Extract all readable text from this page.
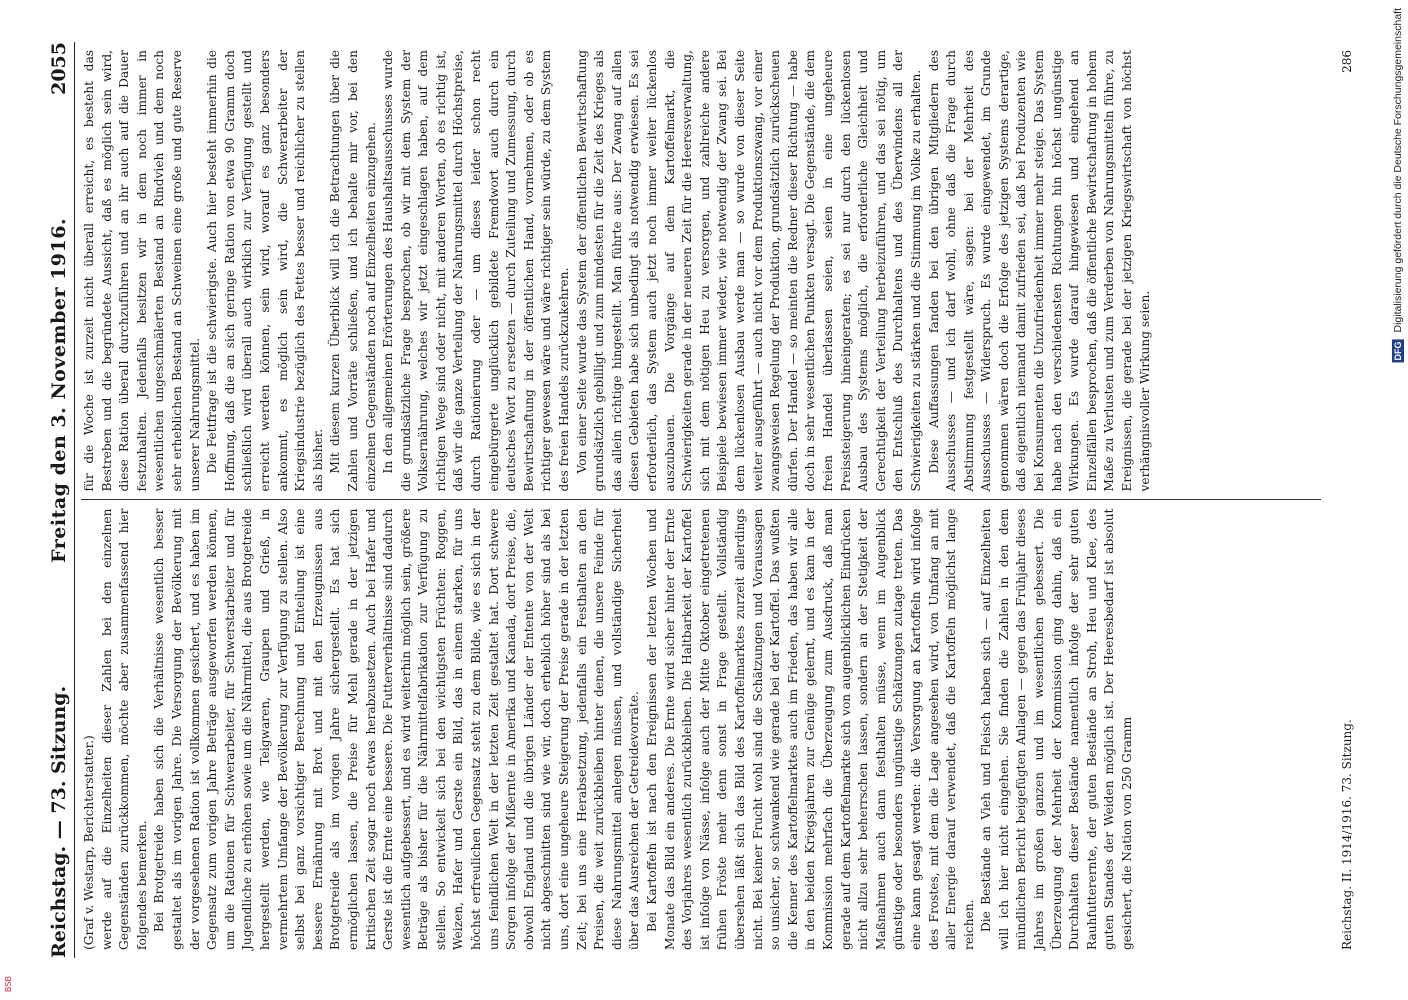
Reichstag. — 73. Sitzung.
Freitag den 3. November 1916.
2055

(Graf v. Westarp, Berichterstatter.) werde auf die Einzelheiten dieser Zahlen bei den einzelnen Gegenständen zurückkommen, möchte aber zusammenfassend hier folgendes bemerken. Bei Brotgetreide haben sich die Verhältnisse wesentlich besser gestaltet als im vorigen Jahre. Die Versorgung der Bevölkerung mit der vorgesehenen Ration ist vollkommen gesichert, und es haben im Gegensatz zum vorigen Jahre Beträge ausgeworfen werden können, um die Rationen für Schwerarbeiter, für Schwerstarbeiter und für Jugendliche zu erhöhen sowie um die Nährmittel, die aus Brotgetreide hergestellt werden, wie Teigwaren, Graupen und Grieß, in vermehrtem Umfange der Bevölkerung zur Verfügung zu stellen. Also selbst bei ganz vorsichtiger Berechnung und Einteilung ist eine bessere Ernährung mit Brot und mit den Erzeugnissen aus Brotgetreide als im vorigen Jahre sichergestellt. Es hat sich ermöglichen lassen, die Preise für Mehl gerade in der jetzigen kritischen Zeit sogar noch etwas herabzusetzen. Auch bei Hafer und Gerste ist die Ernte eine bessere. Die Futterverhältnisse sind dadurch wesentlich aufgebessert, und es wird weiterhin möglich sein, größere Beträge als bisher für die Nährmittelfabrikation zur Verfügung zu stellen. So entwickelt sich bei den wichtigsten Früchten: Roggen, Weizen, Hafer und Gerste ein Bild, das in einem starken, für uns höchst erfreulichen Gegensatz steht zu dem Bilde, wie es sich in der uns feindlichen Welt in der letzten Zeit gestaltet hat. Dort schwere Sorgen infolge der Mißernte in Amerika und Kanada, dort Preise, die, obwohl England und die übrigen Länder der Entente von der Welt nicht abgeschnitten sind wie wir, doch erheblich höher sind als bei uns, dort eine ungeheure Steigerung der Preise gerade in der letzten Zeit; bei uns eine Herabsetzung, jedenfalls ein Festhalten an den Preisen, die weit zurückbleiben hinter denen, die unsere Feinde für diese Nahrungsmittel anlegen müssen, und vollständige Sicherheit über das Ausreichen der Getreidevorräte. Bei Kartoffeln ist nach den Ereignissen der letzten Wochen und Monate das Bild ein anderes. Die Ernte wird sicher hinter der Ernte des Vorjahres wesentlich zurückbleiben. Die Haltbarkeit der Kartoffel ist infolge von Nässe, infolge auch der Mitte Oktober eingetretenen frühen Fröste mehr denn sonst in Frage gestellt. Vollständig übersehen läßt sich das Bild des Kartoffelmarktes zurzeit allerdings nicht. Bei keiner Frucht wohl sind die Schätzungen und Voraussagen so unsicher, so schwankend wie gerade bei der Kartoffel. Das wußten die Kenner des Kartoffelmarktes auch im Frieden, das haben wir alle in den beiden Kriegsjahren zur Genüge gelernt, und es kam in der Kommission mehrfach die Überzeugung zum Ausdruck, daß man gerade auf dem Kartoffelmarkte sich von augenblicklichen Eindrücken nicht allzu sehr beherrschen lassen, sondern an der Stetigkeit der Maßnahmen auch dann festhalten müsse, wenn im Augenblick günstige oder besonders ungünstige Schätzungen zutage treten. Das eine kann gesagt werden: die Versorgung an Kartoffeln wird infolge des Frostes, mit dem die Lage angesehen wird, von Umfang an mit aller Energie darauf verwendet, daß die Kartoffeln möglichst lange reichen. Die Bestände an Vieh und Fleisch haben sich — auf Einzelheiten will ich hier nicht eingehen. Sie finden die Zahlen in den dem mündlichen Bericht beigefügten Anlagen — gegen das Frühjahr dieses Jahres im großen ganzen und im wesentlichen gebessert. Die Überzeugung der Mehrheit der Kommission ging dahin, daß ein Durchhalten dieser Bestände namentlich infolge der sehr guten Rauhfutterernte, der guten Bestände an Stroh, Heu und Klee, des guten Standes der Weiden möglich ist. Der Heeresbedarf ist absolut gesichert, die Nation von 250 Gramm

für die Woche ist zurzeit nicht überall erreicht, es besteht das Bestreben und die begründete Aussicht, daß es möglich sein wird, diese Ration überall durchzuführen und an ihr auch auf die Dauer festzuhalten. Jedenfalls besitzen wir in dem noch immer in wesentlichen ungeschmälerten Bestand an Rindvieh und dem noch sehr erheblichen Bestand an Schweinen eine große und gute Reserve unserer Nahrungsmittel. Die Fettfrage ist die schwierigste. Auch hier besteht immerhin die Hoffnung, daß die an sich geringe Ration von etwa 90 Gramm doch schließlich wird überall auch wirklich zur Verfügung gestellt und erreicht werden können, sein wird, worauf es ganz besonders ankommt, es möglich sein wird, die Schwerarbeiter der Kriegsindustrie bezüglich des Fettes besser und reichlicher zu stellen als bisher. Mit diesem kurzen Überblick will ich die Betrachtungen über die Zahlen und Vorräte schließen, und ich behalte mir vor, bei den einzelnen Gegenständen noch auf Einzelheiten einzugehen. In den allgemeinen Erörterungen des Haushaltsausschusses wurde die grundsätzliche Frage besprochen, ob wir mit dem System der Volksernährung, welches wir jetzt eingeschlagen haben, auf dem richtigen Wege sind oder nicht, mit anderen Worten, ob es richtig ist, daß wir die ganze Verteilung der Nahrungsmittel durch Höchstpreise, durch Rationierung oder — um dieses leider schon recht eingebürgerte unglücklich gebildete Fremdwort auch durch ein deutsches Wort zu ersetzen — durch Zuteilung und Zumessung, durch Bewirtschaftung in der öffentlichen Hand, vornehmen, oder ob es richtiger gewesen wäre und wäre richtiger sein würde, zu dem System des freien Handels zurückzukehren. Von einer Seite wurde das System der öffentlichen Bewirtschaftung grundsätzlich gebilligt und zum mindesten für die Zeit des Krieges als das allein richtige hingestellt. Man führte aus: Der Zwang auf allen diesen Gebieten habe sich unbedingt als notwendig erwiesen. Es sei erforderlich, das System auch jetzt noch immer weiter lückenlos auszubauen. Die Vorgänge auf dem Kartoffelmarkt, die Schwierigkeiten gerade in der neueren Zeit für die Heeresverwaltung, sich mit dem nötigen Heu zu versorgen, und zahlreiche andere Beispiele bewiesen immer wieder, wie notwendig der Zwang sei. Bei dem lückenlosen Ausbau werde man — so wurde von dieser Seite weiter ausgeführt — auch nicht vor dem Produktionszwang, vor einer zwangsweisen Regelung der Produktion, grundsätzlich zurückscheuen dürfen. Der Handel — so meinten die Redner dieser Richtung — habe doch in sehr wesentlichen Punkten versagt. Die Gegenstände, die dem freien Handel überlassen seien, seien in eine ungeheure Preissteigerung hineingeraten; es sei nur durch den lückenlosen Ausbau des Systems möglich, die erforderliche Gleichheit und Gerechtigkeit der Verteilung herbeizuführen, und das sei nötig, um den Entschluß des Durchhaltens und des Überwindens all der Schwierigkeiten zu stärken und die Stimmung im Volke zu erhalten. Diese Auffassungen fanden bei den übrigen Mitgliedern des Ausschusses — und ich darf wohl, ohne daß die Frage durch Abstimmung festgestellt wäre, sagen: bei der Mehrheit des Ausschusses — Widerspruch. Es wurde eingewendet, im Grunde genommen wären doch die Erfolge des jetzigen Systems derartige, daß eigentlich niemand damit zufrieden sei, daß bei Produzenten wie bei Konsumenten die Unzufriedenheit immer mehr steige. Das System habe nach den verschiedensten Richtungen hin höchst ungünstige Wirkungen. Es wurde darauf hingewiesen und eingehend an Einzelfällen besprochen, daß die öffentliche Bewirtschaftung in hohem Maße zu Verlusten und zum Verderben von Nahrungsmitteln führe, zu Ereignissen, die gerade bei der jetzigen Kriegswirtschaft von höchst verhängnisvoller Wirkung seien.

Reichstag. II. 1914/1916. 73. Sitzung.
286
DFG Digitalisierung gefördert durch die Deutsche Forschungsgemeinschaft
BSB
